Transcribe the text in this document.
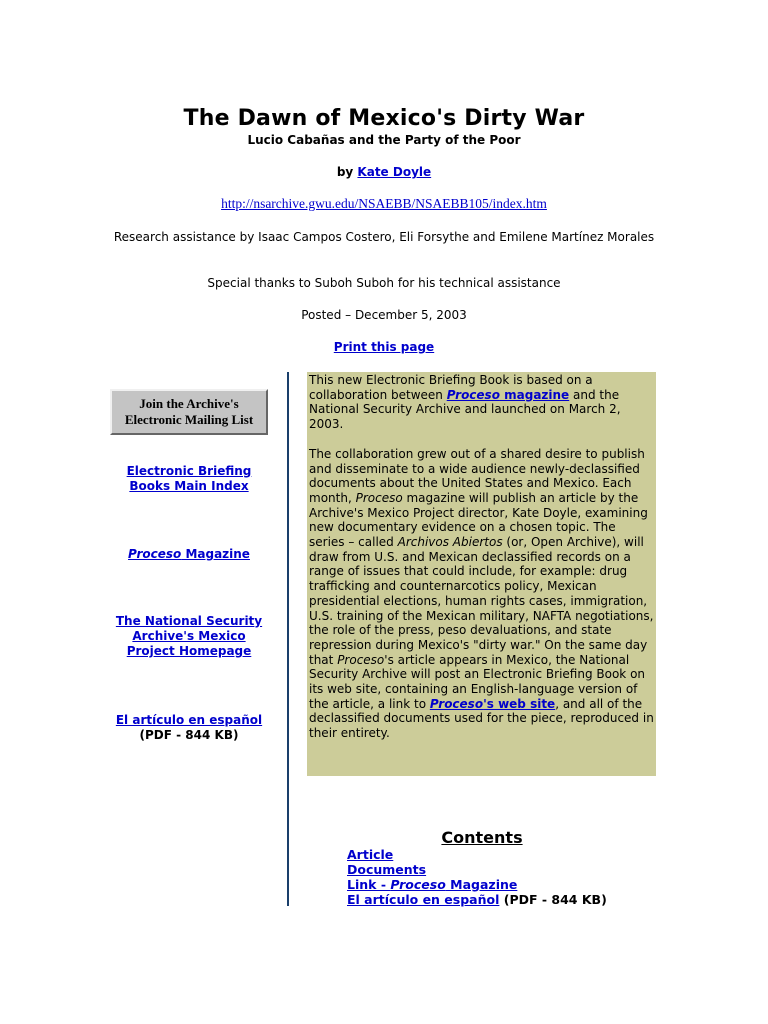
The Dawn of Mexico's Dirty War
Lucio Cabañas and the Party of the Poor
by Kate Doyle
http://nsarchive.gwu.edu/NSAEBB/NSAEBB105/index.htm
Research assistance by Isaac Campos Costero, Eli Forsythe and Emilene Martínez Morales
Special thanks to Suboh Suboh for his technical assistance
Posted – December 5, 2003
Print this page
Join the Archive's
Electronic Mailing List
Electronic Briefing
Books Main Index
Proceso Magazine
The National Security
Archive's Mexico
Project Homepage
El artículo en español
(PDF - 844 KB)

This new Electronic Briefing Book is based on a collaboration between Proceso magazine and the National Security Archive and launched on March 2, 2003.

The collaboration grew out of a shared desire to publish and disseminate to a wide audience newly-declassified documents about the United States and Mexico. Each month, Proceso magazine will publish an article by the Archive's Mexico Project director, Kate Doyle, examining new documentary evidence on a chosen topic. The series – called Archivos Abiertos (or, Open Archive), will draw from U.S. and Mexican declassified records on a range of issues that could include, for example: drug trafficking and counternarcotics policy, Mexican presidential elections, human rights cases, immigration, U.S. training of the Mexican military, NAFTA negotiations, the role of the press, peso devaluations, and state repression during Mexico's "dirty war." On the same day that Proceso's article appears in Mexico, the National Security Archive will post an Electronic Briefing Book on its web site, containing an English-language version of the article, a link to Proceso's web site, and all of the declassified documents used for the piece, reproduced in their entirety.

Contents
Article
Documents
Link - Proceso Magazine
El artículo en español (PDF - 844 KB)
